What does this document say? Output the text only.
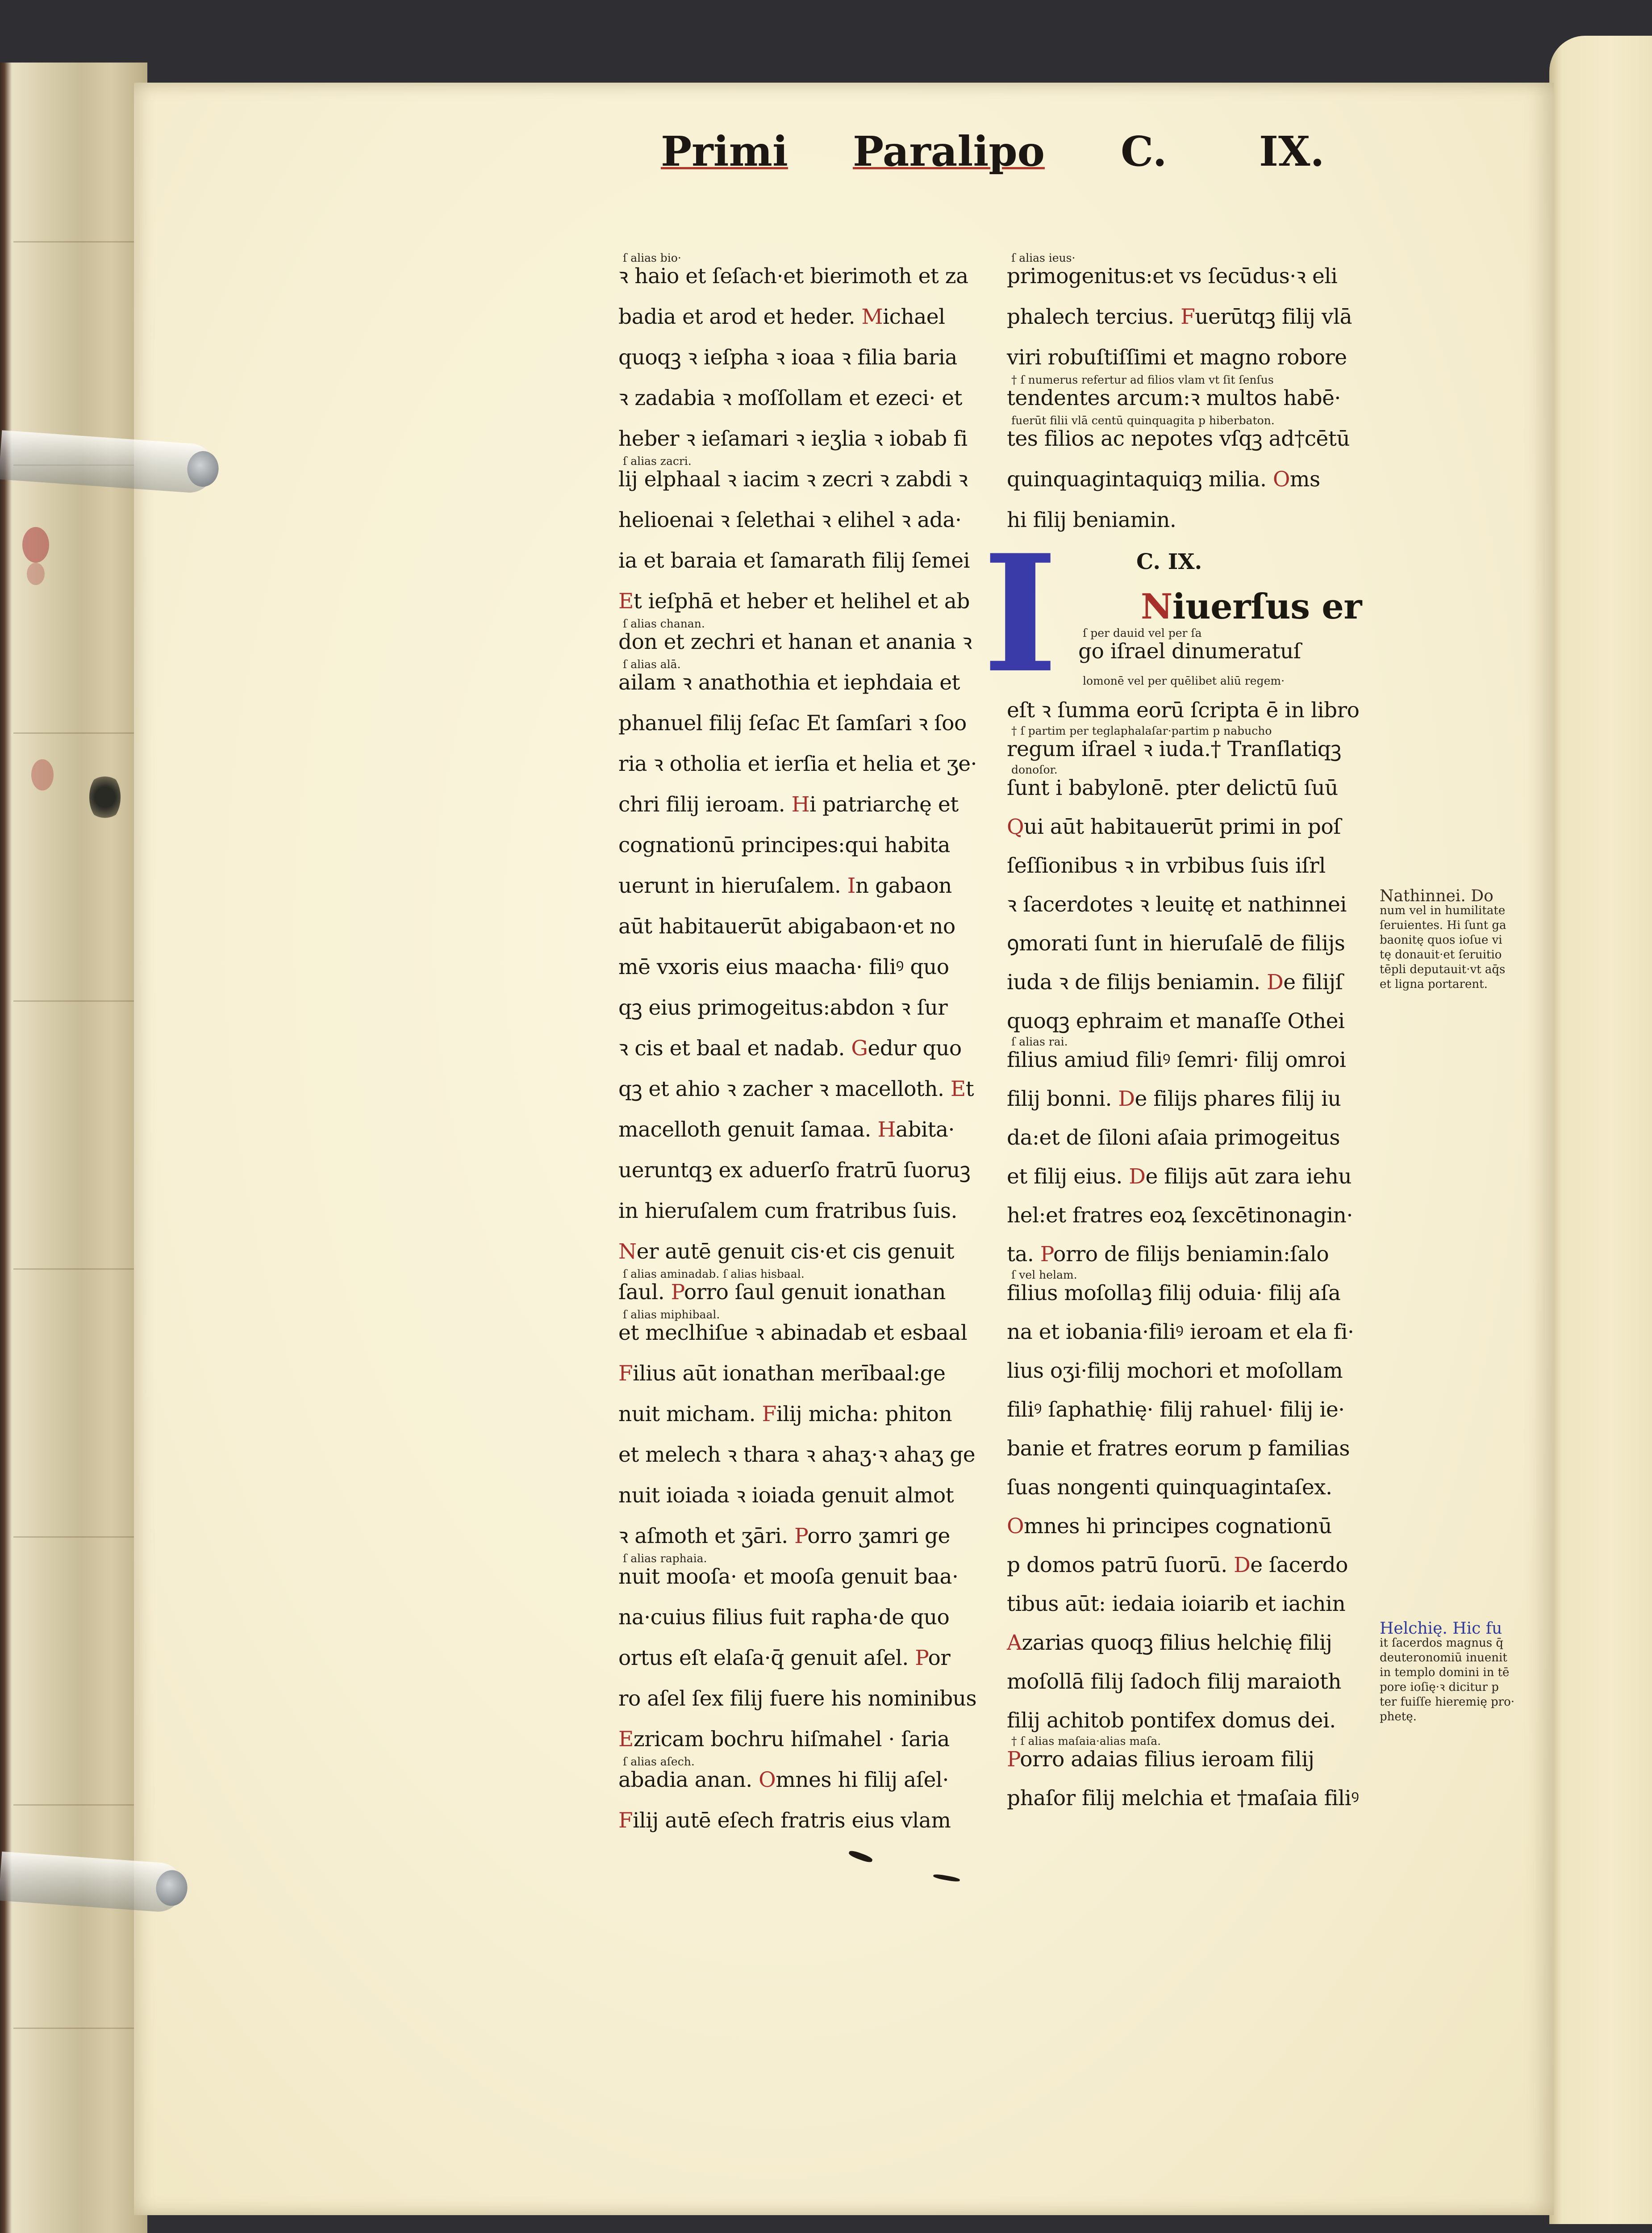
Primi Paralipo C. IX.
ſ alias bio·
ꝛ haio et ſeſach·et bierimoth et za
badia et arod et heder. Michael
quoqꝫ ꝛ ieſpha ꝛ ioaa ꝛ filia baria
ꝛ zadabia ꝛ moſſollam et ezeci· et
heber ꝛ ieſamari ꝛ ieʒlia ꝛ iobab fi
ſ alias zacri.
lij elphaal ꝛ iacim ꝛ zecri ꝛ zabdi ꝛ
helioenai ꝛ ſelethai ꝛ elihel ꝛ ada·
ia et baraia et ſamarath filij ſemei
Et ieſphā et heber et helihel et ab
ſ alias chanan.
don et zechri et hanan et anania ꝛ
ſ alias alā.
ailam ꝛ anathothia et iephdaia et
phanuel filij ſeſac Et ſamſari ꝛ ſoo
ria ꝛ otholia et ierſia et helia et ʒe·
chri filij ieroam. Hi patriarchę et
cognationū principes:qui habita
uerunt in hieruſalem. In gabaon
aūt habitauerūt abigabaon·et no
mē vxoris eius maacha· filiꝰ quo
qꝫ eius primogeitus:abdon ꝛ ſur
ꝛ cis et baal et nadab. Gedur quo
qꝫ et ahio ꝛ zacher ꝛ macelloth. Et
macelloth genuit ſamaa. Habita·
ueruntqꝫ ex aduerſo fratrū ſuoruꝫ
in hieruſalem cum fratribus ſuis.
Ner autē genuit cis·et cis genuit
ſ alias aminadab. ſ alias hisbaal.
ſaul. Porro ſaul genuit ionathan
ſ alias miphibaal.
et meclhiſue ꝛ abinadab et esbaal
Filius aūt ionathan merībaal:ge
nuit micham. Filij micha: phiton
et melech ꝛ thara ꝛ ahaʒ·ꝛ ahaʒ ge
nuit ioiada ꝛ ioiada genuit almot
ꝛ aſmoth et ʒāri. Porro ʒamri ge
ſ alias raphaia.
nuit mooſa· et mooſa genuit baa·
na·cuius filius fuit rapha·de quo
ortus eſt elaſa·q̄ genuit aſel. Por
ro aſel ſex filij fuere his nominibus
Ezricam bochru hiſmahel · ſaria
ſ alias aſech.
abadia anan. Omnes hi filij aſel·
Filij autē eſech fratris eius vlam
ſ alias ieus·
primogenitus:et vs ſecūdus·ꝛ eli
phalech tercius. Fuerūtqꝫ filij vlā
viri robuſtiſſimi et magno robore
† ſ numerus refertur ad filios vlam vt ſit ſenſus
tendentes arcum:ꝛ multos habē·
fuerūt filii vlā centū quinquagita p hiberbaton.
tes filios ac nepotes vſqꝫ ad†cētū
quinquagintaquiqꝫ milia. Oms
hi filij beniamin.
I	C. IX.
Nathinnei. Do
num vel in humilitate
ſeruientes. Hi ſunt ga
baonitę quos ioſue vi
tę donauit·et ſeruitio
tēpli deputauit·vt aq̄s
et ligna portarent.
Helchię. Hic fu
it ſacerdos magnus q̄
deuteronomiū inuenit
in templo domini in tē
pore ioſię·ꝛ dicitur p
ter fuiſſe hieremię pro·
phetę.
Niuerſus er
ſ per dauid vel per ſa
go iſrael dinumeratuſ
lomonē vel per quēlibet aliū regem·
eſt ꝛ ſumma eorū ſcripta ē in libro
† ſ partim per teglaphalaſar·partim p nabucho
regum iſrael ꝛ iuda.† Tranſlatiqꝫ
donoſor.
ſunt i babylonē. pter delictū ſuū
Qui aūt habitauerūt primi in poſ
ſeſſionibus ꝛ in vrbibus ſuis iſrl
ꝛ ſacerdotes ꝛ leuitę et nathinnei
ꝯmorati ſunt in hieruſalē de filijs
iuda ꝛ de filijs beniamin. De filijſ
quoqꝫ ephraim et manaſſe Othei
ſ alias rai.
filius amiud filiꝰ ſemri· filij omroi
filij bonni. De filijs phares filij iu
da:et de ſiloni aſaia primogeitus
et filij eius. De filijs aūt zara iehu
hel:et fratres eoꝝ ſexcētinonagin·
ta. Porro de filijs beniamin:ſalo
ſ vel helam.
filius moſollaꝫ filij oduia· filij aſa
na et iobania·filiꝰ ieroam et ela fi·
lius oʒi·filij mochori et moſollam
filiꝰ ſaphathię· filij rahuel· filij ie·
banie et fratres eorum p familias
ſuas nongenti quinquagintaſex.
Omnes hi principes cognationū
p domos patrū ſuorū. De ſacerdo
tibus aūt: iedaia ioiarib et iachin
Azarias quoqꝫ filius helchię filij
moſollā filij ſadoch filij maraioth
filij achitob pontifex domus dei.
† ſ alias maſaia·alias maſa.
Porro adaias filius ieroam filij
phaſor filij melchia et †maſaia filiꝰ
